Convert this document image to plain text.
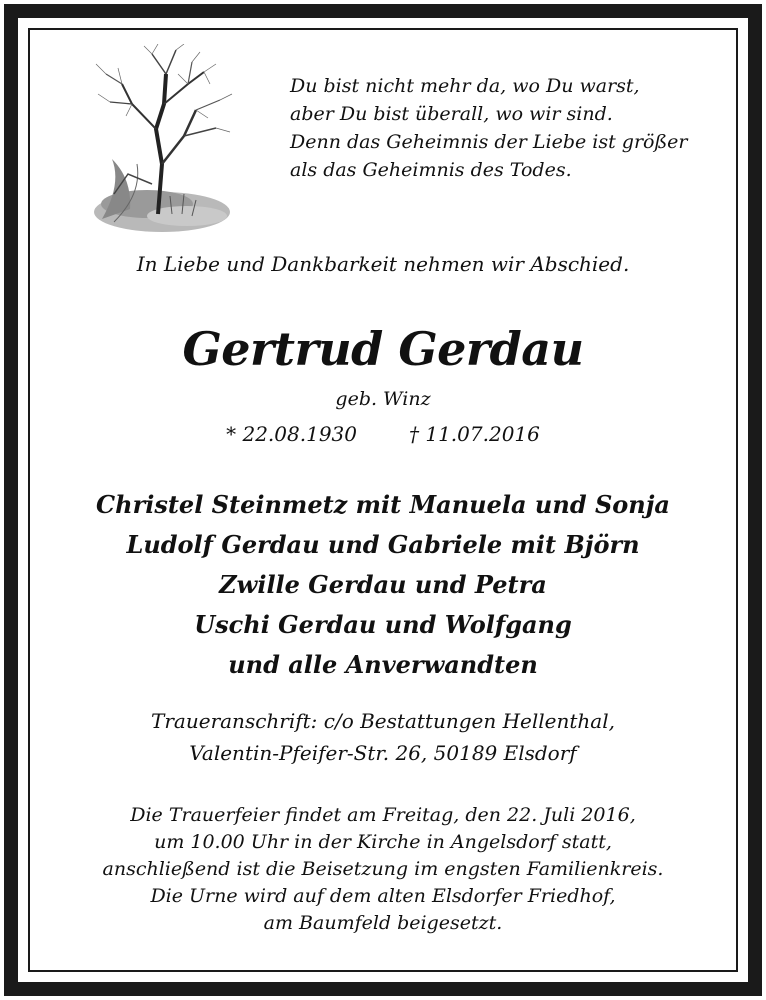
Du bist nicht mehr da, wo Du warst,
aber Du bist überall, wo wir sind.
Denn das Geheimnis der Liebe ist größer
als das Geheimnis des Todes.
In Liebe und Dankbarkeit nehmen wir Abschied.
Gertrud Gerdau
geb. Winz
* 22.08.1930	† 11.07.2016
Christel Steinmetz mit Manuela und Sonja
Ludolf Gerdau und Gabriele mit Björn
Zwille Gerdau und Petra
Uschi Gerdau und Wolfgang
und alle Anverwandten
Traueranschrift: c/o Bestattungen Hellenthal,
Valentin-Pfeifer-Str. 26, 50189 Elsdorf
Die Trauerfeier findet am Freitag, den 22. Juli 2016,
um 10.00 Uhr in der Kirche in Angelsdorf statt,
anschließend ist die Beisetzung im engsten Familienkreis.
Die Urne wird auf dem alten Elsdorfer Friedhof,
am Baumfeld beigesetzt.
